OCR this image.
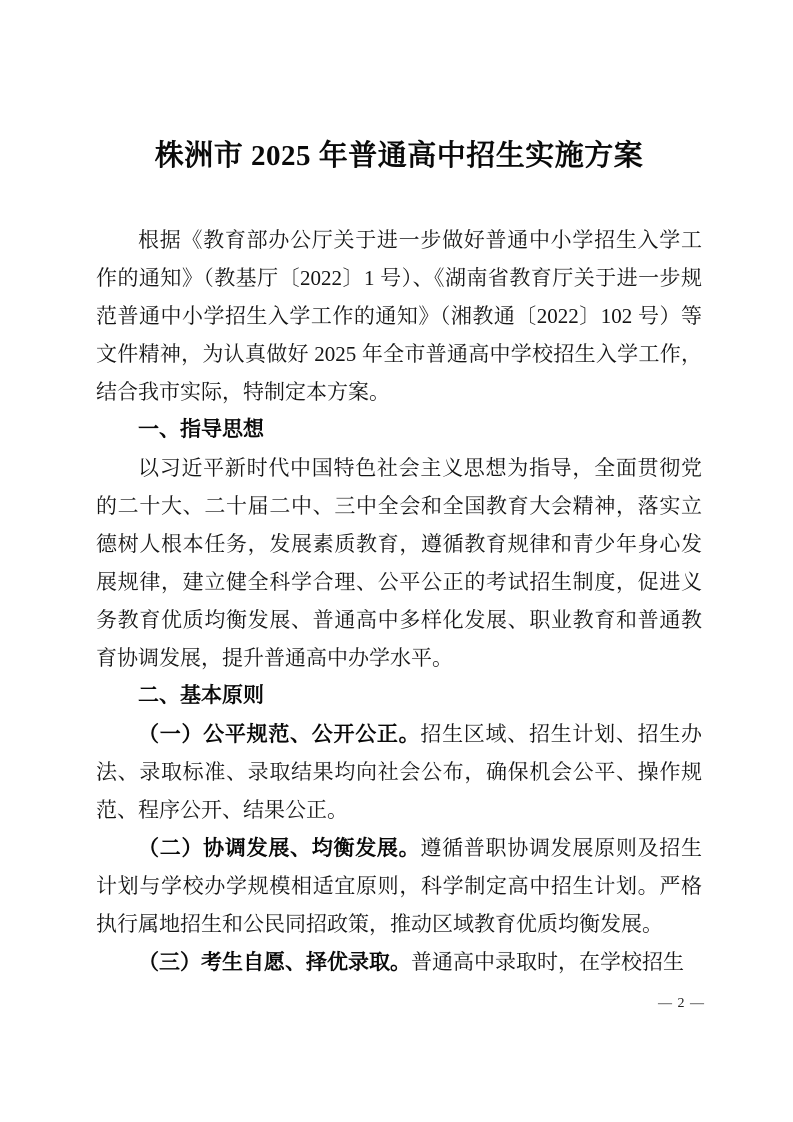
株洲市 2025 年普通高中招生实施方案

根据《教育部办公厅关于进一步做好普通中小学招生入学工作的通知》（教基厅〔2022〕1 号）、《湖南省教育厅关于进一步规范普通中小学招生入学工作的通知》（湘教通〔2022〕102 号）等文件精神，为认真做好 2025 年全市普通高中学校招生入学工作，结合我市实际，特制定本方案。

一、指导思想

以习近平新时代中国特色社会主义思想为指导，全面贯彻党的二十大、二十届二中、三中全会和全国教育大会精神，落实立德树人根本任务，发展素质教育，遵循教育规律和青少年身心发展规律，建立健全科学合理、公平公正的考试招生制度，促进义务教育优质均衡发展、普通高中多样化发展、职业教育和普通教育协调发展，提升普通高中办学水平。

二、基本原则

（一）公平规范、公开公正。招生区域、招生计划、招生办法、录取标准、录取结果均向社会公布，确保机会公平、操作规范、程序公开、结果公正。

（二）协调发展、均衡发展。遵循普职协调发展原则及招生计划与学校办学规模相适宜原则，科学制定高中招生计划。严格执行属地招生和公民同招政策，推动区域教育优质均衡发展。

（三）考生自愿、择优录取。普通高中录取时，在学校招生

— 2 —
